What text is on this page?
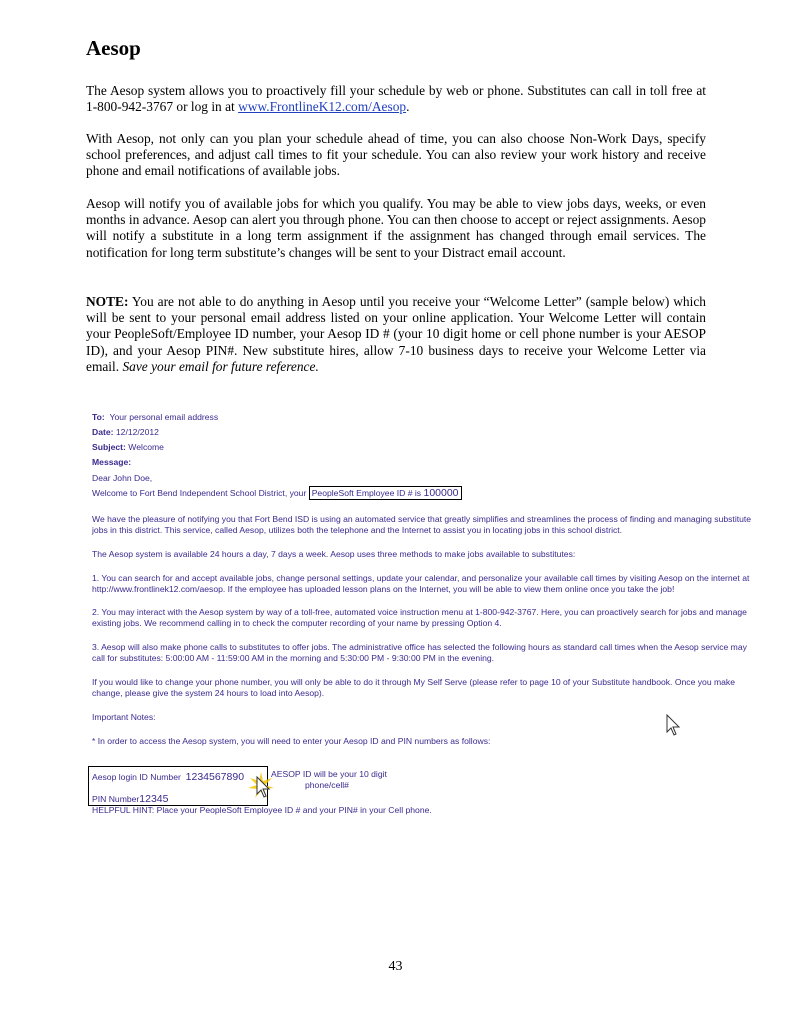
Aesop

The Aesop system allows you to proactively fill your schedule by web or phone. Substitutes can call in toll free at 1-800-942-3767 or log in at www.FrontlineK12.com/Aesop.

With Aesop, not only can you plan your schedule ahead of time, you can also choose Non-Work Days, specify school preferences, and adjust call times to fit your schedule. You can also review your work history and receive phone and email notifications of available jobs.

Aesop will notify you of available jobs for which you qualify. You may be able to view jobs days, weeks, or even months in advance. Aesop can alert you through phone. You can then choose to accept or reject assignments. Aesop will notify a substitute in a long term assignment if the assignment has changed through email services. The notification for long term substitute’s changes will be sent to your Distract email account.

NOTE: You are not able to do anything in Aesop until you receive your “Welcome Letter” (sample below) which will be sent to your personal email address listed on your online application. Your Welcome Letter will contain your PeopleSoft/Employee ID number, your Aesop ID # (your 10 digit home or cell phone number is your AESOP ID), and your Aesop PIN#. New substitute hires, allow 7-10 business days to receive your Welcome Letter via email. Save your email for future reference.

To: Your personal email address
Date: 12/12/2012
Subject: Welcome
Message:
Dear John Doe,
Welcome to Fort Bend Independent School District, your PeopleSoft Employee ID # is 100000

We have the pleasure of notifying you that Fort Bend ISD is using an automated service that greatly simplifies and streamlines the process of finding and managing substitute jobs in this district. This service, called Aesop, utilizes both the telephone and the Internet to assist you in locating jobs in this school district.

The Aesop system is available 24 hours a day, 7 days a week. Aesop uses three methods to make jobs available to substitutes:

1. You can search for and accept available jobs, change personal settings, update your calendar, and personalize your available call times by visiting Aesop on the internet at http://www.frontlinek12.com/aesop. If the employee has uploaded lesson plans on the Internet, you will be able to view them online once you take the job!

2. You may interact with the Aesop system by way of a toll-free, automated voice instruction menu at 1-800-942-3767. Here, you can proactively search for jobs and manage existing jobs. We recommend calling in to check the computer recording of your name by pressing Option 4.

3. Aesop will also make phone calls to substitutes to offer jobs. The administrative office has selected the following hours as standard call times when the Aesop service may call for substitutes: 5:00:00 AM - 11:59:00 AM in the morning and 5:30:00 PM - 9:30:00 PM in the evening.

If you would like to change your phone number, you will only be able to do it through My Self Serve (please refer to page 10 of your Substitute handbook. Once you make change, please give the system 24 hours to load into Aesop).

Important Notes:

* In order to access the Aesop system, you will need to enter your Aesop ID and PIN numbers as follows:

Aesop login ID Number 1234567890
PIN Number12345
AESOP ID will be your 10 digit
phone/cell#
HELPFUL HINT: Place your PeopleSoft Employee ID # and your PIN# in your Cell phone.
43
